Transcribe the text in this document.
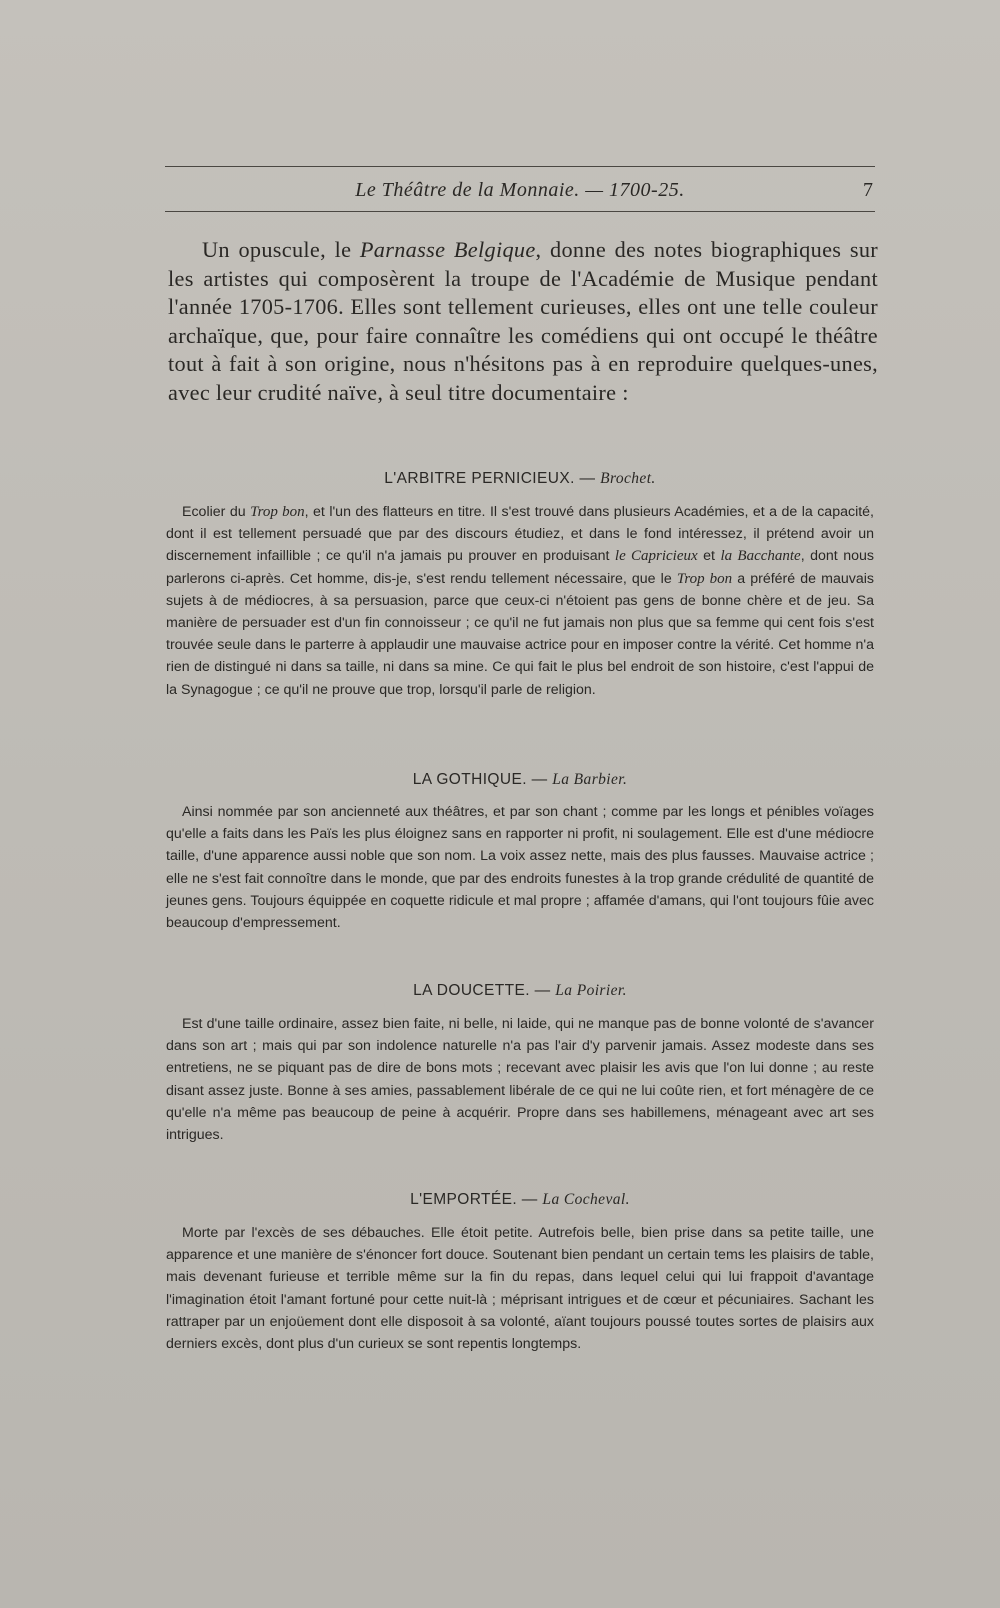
Le Théâtre de la Monnaie. — 1700-25.	7
Un opuscule, le Parnasse Belgique, donne des notes biographiques sur les artistes qui composèrent la troupe de l'Académie de Musique pendant l'année 1705-1706. Elles sont tellement curieuses, elles ont une telle couleur archaïque, que, pour faire connaître les comédiens qui ont occupé le théâtre tout à fait à son origine, nous n'hésitons pas à en reproduire quelques-unes, avec leur crudité naïve, à seul titre documentaire :
L'ARBITRE PERNICIEUX. — Brochet.
Ecolier du Trop bon, et l'un des flatteurs en titre. Il s'est trouvé dans plusieurs Académies, et a de la capacité, dont il est tellement persuadé que par des discours étudiez, et dans le fond intéressez, il prétend avoir un discernement infaillible ; ce qu'il n'a jamais pu prouver en produisant le Capricieux et la Bacchante, dont nous parlerons ci-après. Cet homme, dis-je, s'est rendu tellement nécessaire, que le Trop bon a préféré de mauvais sujets à de médiocres, à sa persuasion, parce que ceux-ci n'étoient pas gens de bonne chère et de jeu. Sa manière de persuader est d'un fin connoisseur ; ce qu'il ne fut jamais non plus que sa femme qui cent fois s'est trouvée seule dans le parterre à applaudir une mauvaise actrice pour en imposer contre la vérité. Cet homme n'a rien de distingué ni dans sa taille, ni dans sa mine. Ce qui fait le plus bel endroit de son histoire, c'est l'appui de la Synagogue ; ce qu'il ne prouve que trop, lorsqu'il parle de religion.
LA GOTHIQUE. — La Barbier.
Ainsi nommée par son ancienneté aux théâtres, et par son chant ; comme par les longs et pénibles voïages qu'elle a faits dans les Païs les plus éloignez sans en rapporter ni profit, ni soulagement. Elle est d'une médiocre taille, d'une apparence aussi noble que son nom. La voix assez nette, mais des plus fausses. Mauvaise actrice ; elle ne s'est fait connoître dans le monde, que par des endroits funestes à la trop grande crédulité de quantité de jeunes gens. Toujours équippée en coquette ridicule et mal propre ; affamée d'amans, qui l'ont toujours fûie avec beaucoup d'empressement.
LA DOUCETTE. — La Poirier.
Est d'une taille ordinaire, assez bien faite, ni belle, ni laide, qui ne manque pas de bonne volonté de s'avancer dans son art ; mais qui par son indolence naturelle n'a pas l'air d'y parvenir jamais. Assez modeste dans ses entretiens, ne se piquant pas de dire de bons mots ; recevant avec plaisir les avis que l'on lui donne ; au reste disant assez juste. Bonne à ses amies, passablement libérale de ce qui ne lui coûte rien, et fort ménagère de ce qu'elle n'a même pas beaucoup de peine à acquérir. Propre dans ses habillemens, ménageant avec art ses intrigues.
L'EMPORTÉE. — La Cocheval.
Morte par l'excès de ses débauches. Elle étoit petite. Autrefois belle, bien prise dans sa petite taille, une apparence et une manière de s'énoncer fort douce. Soutenant bien pendant un certain tems les plaisirs de table, mais devenant furieuse et terrible même sur la fin du repas, dans lequel celui qui lui frappoit d'avantage l'imagination étoit l'amant fortuné pour cette nuit-là ; méprisant intrigues et de cœur et pécuniaires. Sachant les rattraper par un enjoüement dont elle disposoit à sa volonté, aïant toujours poussé toutes sortes de plaisirs aux derniers excès, dont plus d'un curieux se sont repentis longtemps.
